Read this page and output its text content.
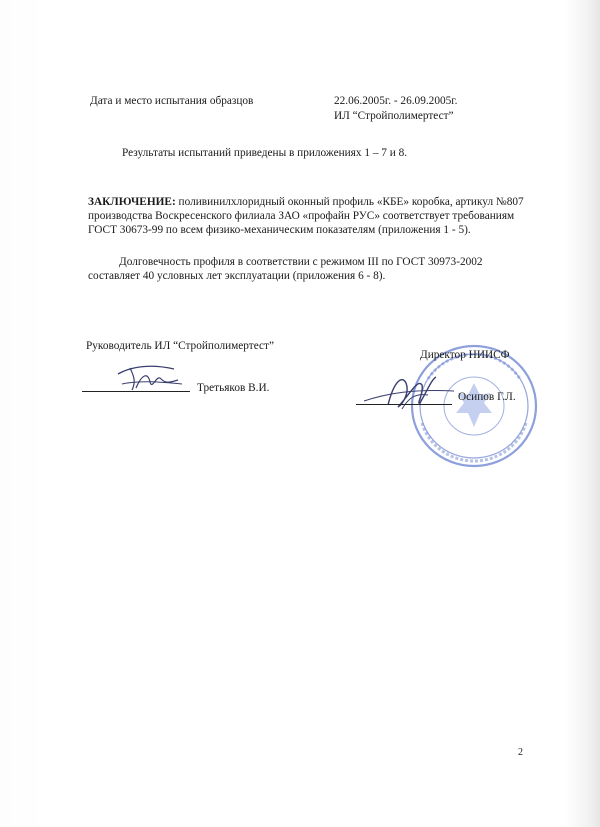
Дата и место испытания образцов	22.06.2005г. - 26.09.2005г.
ИЛ “Стройполимертест”
Результаты испытаний приведены в приложениях 1 – 7 и 8.
ЗАКЛЮЧЕНИЕ: поливинилхлоридный оконный профиль «КБЕ» коробка, артикул №807
производства Воскресенского филиала ЗАО «профайн РУС» соответствует требованиям
ГОСТ 30673-99 по всем физико-механическим показателям (приложения 1 - 5).
Долговечность профиля в соответствии с режимом III по ГОСТ 30973-2002
составляет 40 условных лет эксплуатации (приложения 6 - 8).
Руководитель ИЛ “Стройполимертест”
Третьяков В.И.
Директор НИИСФ
Осипов Г.Л.
2
